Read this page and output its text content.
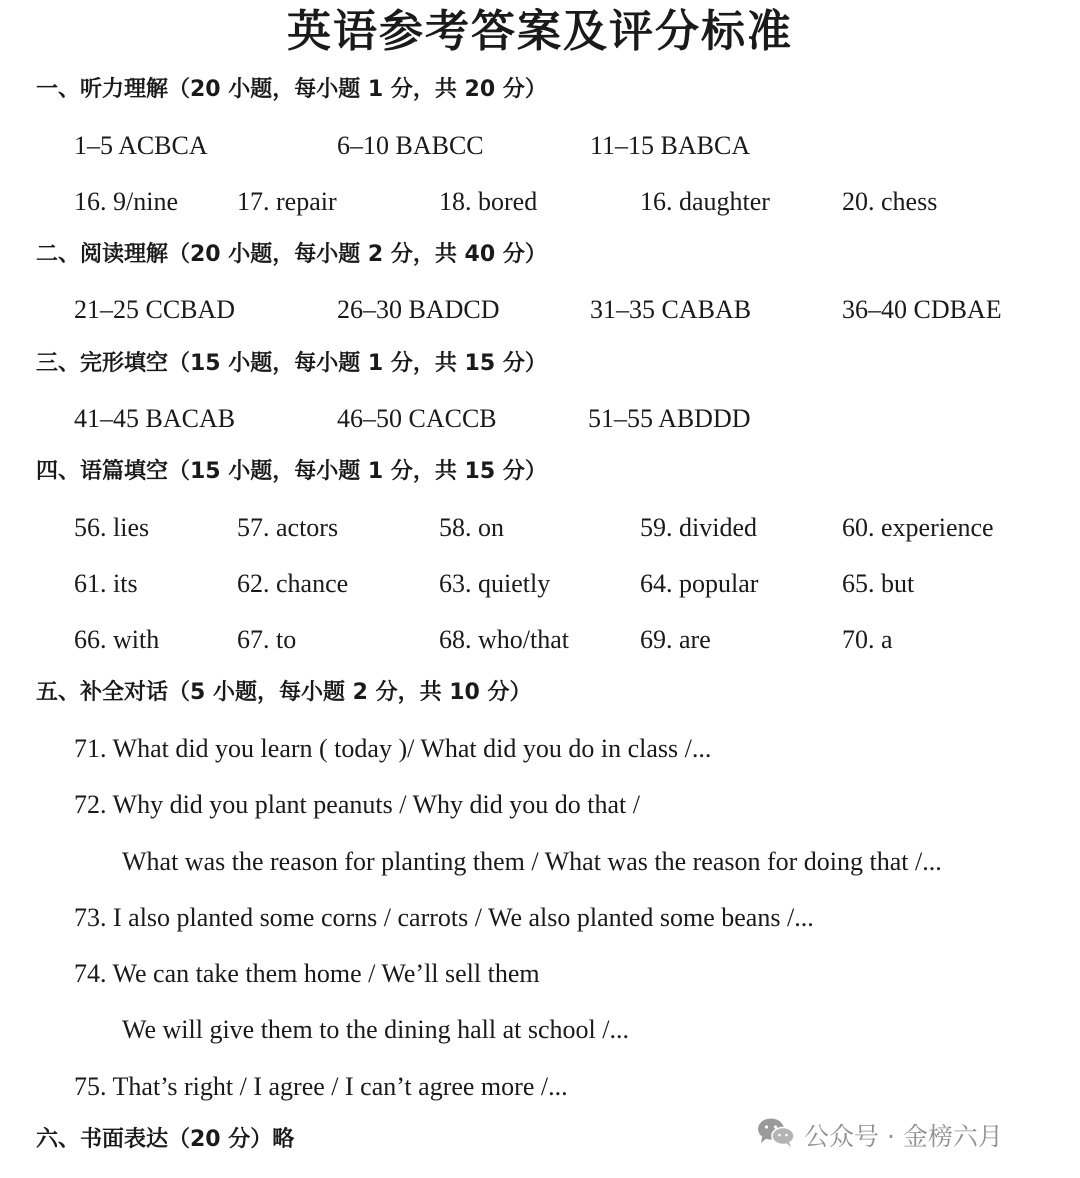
英语参考答案及评分标准
一、听力理解（20 小题，每小题 1 分，共 20 分）
1–5 ACBCA	6–10 BABCC	11–15 BABCA
16. 9/nine 17. repair	18. bored	16. daughter	20. chess
二、阅读理解（20 小题，每小题 2 分，共 40 分）
21–25 CCBAD	26–30 BADCD	31–35 CABAB	36–40 CDBAE
三、完形填空（15 小题，每小题 1 分，共 15 分）
41–45 BACAB	46–50 CACCB	51–55 ABDDD
四、语篇填空（15 小题，每小题 1 分，共 15 分）
56. lies	57. actors	58. on	59. divided	60. experience
61. its	62. chance	63. quietly	64. popular	65. but
66. with	67. to	68. who/that	69. are	70. a
五、补全对话（5 小题，每小题 2 分，共 10 分）
71. What did you learn ( today )/ What did you do in class /...
72. Why did you plant peanuts / Why did you do that /
What was the reason for planting them / What was the reason for doing that /...
73. I also planted some corns / carrots / We also planted some beans /...
74. We can take them home / We’ll sell them
We will give them to the dining hall at school /...
75. That’s right / I agree / I can’t agree more /...
六、书面表达（20 分）略	公众号 · 金榜六月
